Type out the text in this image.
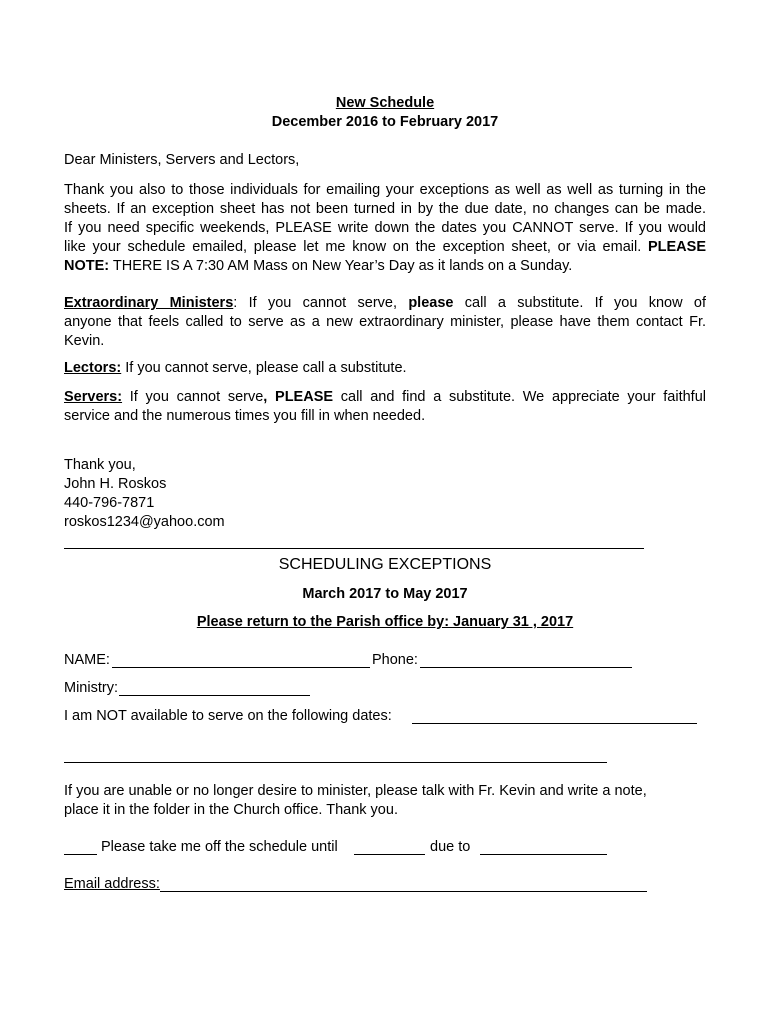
New Schedule
December 2016 to February 2017
Dear Ministers, Servers and Lectors,
Thank you also to those individuals for emailing your exceptions as well as well as turning in the
sheets. If an exception sheet has not been turned in by the due date, no changes can be made.
If you need specific weekends, PLEASE write down the dates you CANNOT serve. If you would
like your schedule emailed, please let me know on the exception sheet, or via email. PLEASE
NOTE: THERE IS A 7:30 AM Mass on New Year’s Day as it lands on a Sunday.
Extraordinary Ministers: If you cannot serve, please call a substitute. If you know of
anyone that feels called to serve as a new extraordinary minister, please have them contact Fr.
Kevin.
Lectors: If you cannot serve, please call a substitute.
Servers: If you cannot serve, PLEASE call and find a substitute. We appreciate your faithful
service and the numerous times you fill in when needed.
Thank you,
John H. Roskos
440-796-7871
roskos1234@yahoo.com
SCHEDULING EXCEPTIONS
March 2017 to May 2017
Please return to the Parish office by: January 31 , 2017
NAME:	Phone:
Ministry:
I am NOT available to serve on the following dates:
If you are unable or no longer desire to minister, please talk with Fr. Kevin and write a note,
place it in the folder in the Church office. Thank you.
Please take me off the schedule until	due to
Email address:
